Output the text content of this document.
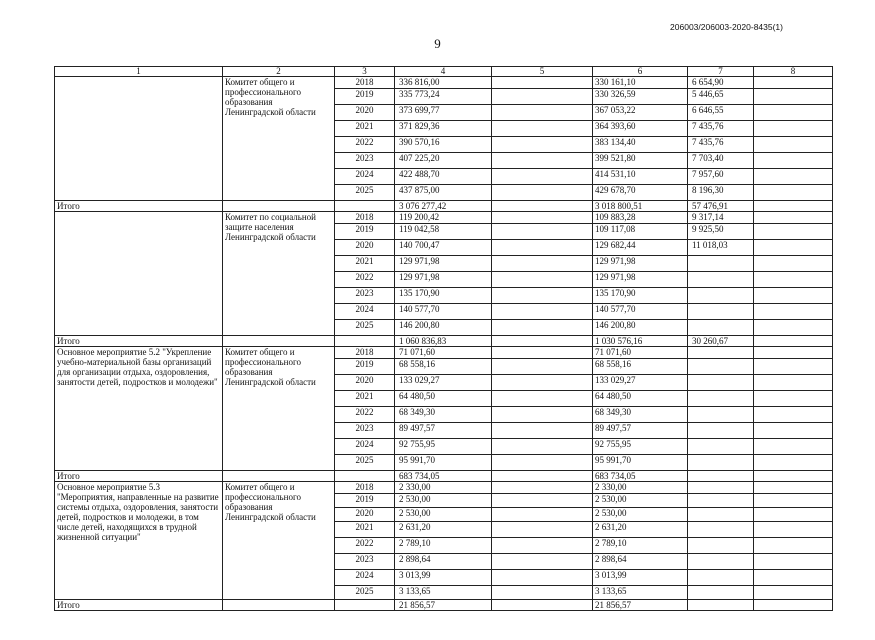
206003/206003-2020-8435(1)
9
1	2	3	4	5	6	7	8
	Комитет общего и профессионального образования Ленинградской области	2018	336 816,00		330 161,10	6 654,90	
		2019	335 773,24		330 326,59	5 446,65	
		2020	373 699,77		367 053,22	6 646,55	
		2021	371 829,36		364 393,60	7 435,76	
		2022	390 570,16		383 134,40	7 435,76	
		2023	407 225,20		399 521,80	7 703,40	
		2024	422 488,70		414 531,10	7 957,60	
		2025	437 875,00		429 678,70	8 196,30	
Итого			3 076 277,42		3 018 800,51	57 476,91	
	Комитет по социальной защите населения Ленинградской области	2018	119 200,42		109 883,28	9 317,14	
		2019	119 042,58		109 117,08	9 925,50	
		2020	140 700,47		129 682,44	11 018,03	
		2021	129 971,98		129 971,98		
		2022	129 971,98		129 971,98		
		2023	135 170,90		135 170,90		
		2024	140 577,70		140 577,70		
		2025	146 200,80		146 200,80		
Итого			1 060 836,83		1 030 576,16	30 260,67	
Основное мероприятие 5.2 "Укрепление учебно-материальной базы организаций для организации отдыха, оздоровления, занятости детей, подростков и молодежи"	Комитет общего и профессионального образования Ленинградской области	2018	71 071,60		71 071,60		
		2019	68 558,16		68 558,16		
		2020	133 029,27		133 029,27		
		2021	64 480,50		64 480,50		
		2022	68 349,30		68 349,30		
		2023	89 497,57		89 497,57		
		2024	92 755,95		92 755,95		
		2025	95 991,70		95 991,70		
Итого			683 734,05		683 734,05		
Основное мероприятие 5.3 "Мероприятия, направленные на развитие системы отдыха, оздоровления, занятости детей, подростков и молодежи, в том числе детей, находящихся в трудной жизненной ситуации"	Комитет общего и профессионального образования Ленинградской области	2018	2 330,00		2 330,00		
		2019	2 530,00		2 530,00		
		2020	2 530,00		2 530,00		
		2021	2 631,20		2 631,20		
		2022	2 789,10		2 789,10		
		2023	2 898,64		2 898,64		
		2024	3 013,99		3 013,99		
		2025	3 133,65		3 133,65		
Итого			21 856,57		21 856,57		
